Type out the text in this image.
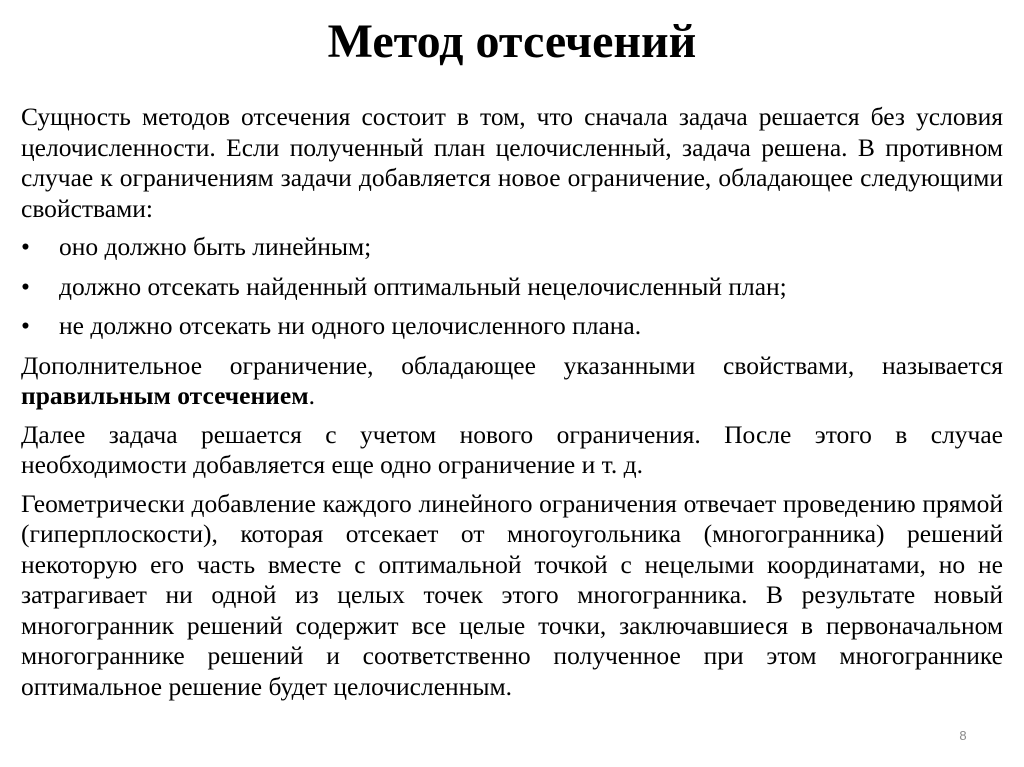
Метод отсечений

Сущность методов отсечения состоит в том, что сначала задача решается без условия целочисленности. Если полученный план целочисленный, задача решена. В противном случае к ограничениям задачи добавляется новое ограничение, обладающее следующими свойствами:

• оно должно быть линейным;
• должно отсекать найденный оптимальный нецелочисленный план;
• не должно отсекать ни одного целочисленного плана.

Дополнительное ограничение, обладающее указанными свойствами, называется правильным отсечением.

Далее задача решается с учетом нового ограничения. После этого в случае необходимости добавляется еще одно ограничение и т. д.

Геометрически добавление каждого линейного ограничения отвечает проведению прямой (гиперплоскости), которая отсекает от многоугольника (многогранника) решений некоторую его часть вместе с оптимальной точкой с нецелыми координатами, но не затрагивает ни одной из целых точек этого многогранника. В результате новый многогранник решений содержит все целые точки, заключавшиеся в первоначальном многограннике решений и соответственно полученное при этом многограннике оптимальное решение будет целочисленным.

8
